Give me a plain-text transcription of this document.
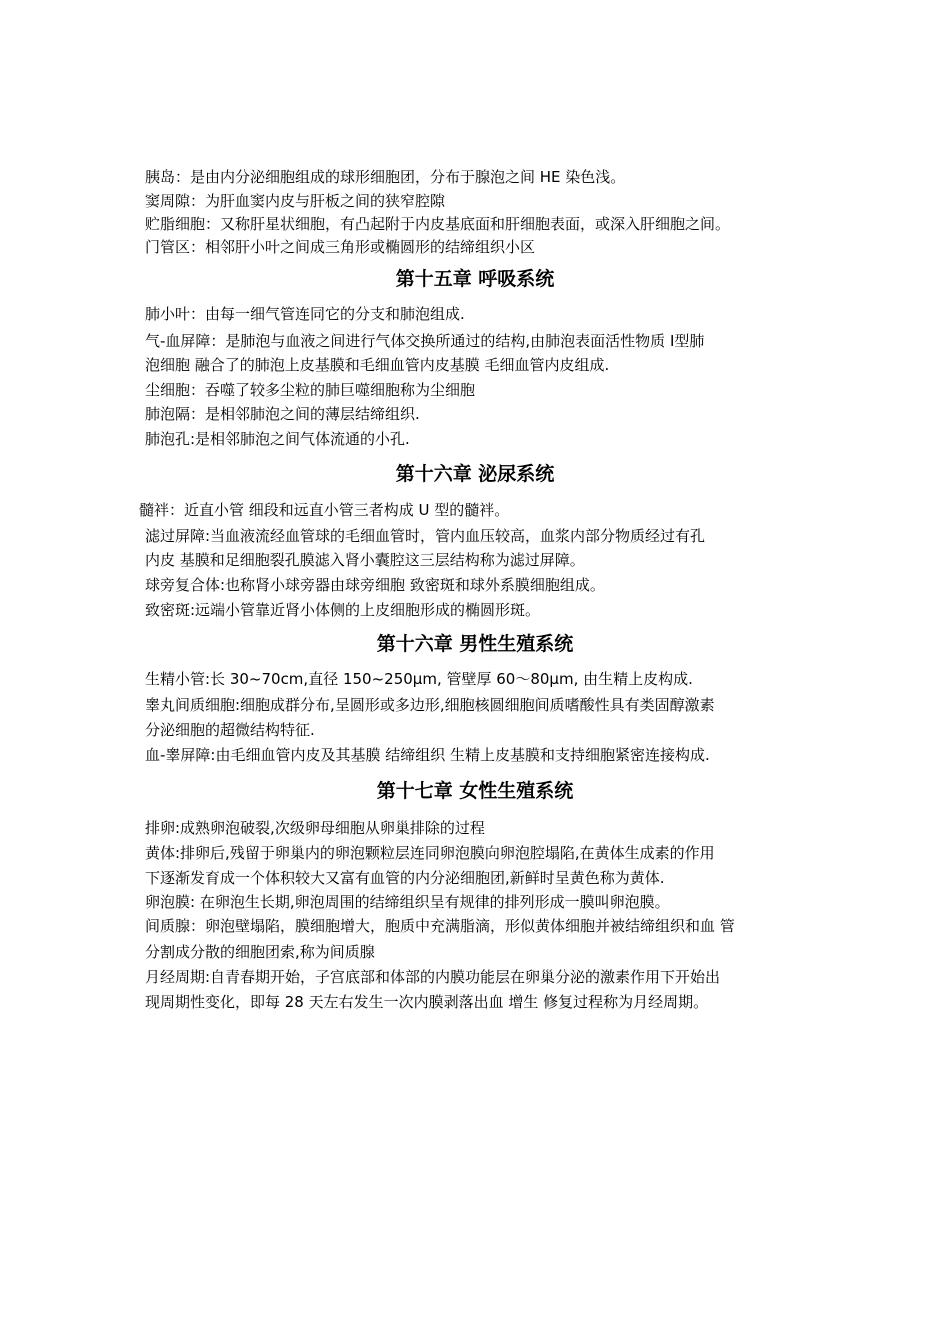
胰岛：是由内分泌细胞组成的球形细胞团，分布于腺泡之间 HE 染色浅。
窦周隙：为肝血窦内皮与肝板之间的狭窄腔隙
贮脂细胞：又称肝星状细胞，有凸起附于内皮基底面和肝细胞表面，或深入肝细胞之间。
门管区：相邻肝小叶之间成三角形或椭圆形的结缔组织小区
第十五章 呼吸系统
肺小叶：由每一细气管连同它的分支和肺泡组成.
气-血屏障：是肺泡与血液之间进行气体交换所通过的结构,由肺泡表面活性物质 Ⅰ型肺
泡细胞 融合了的肺泡上皮基膜和毛细血管内皮基膜 毛细血管内皮组成.
尘细胞：吞噬了较多尘粒的肺巨噬细胞称为尘细胞
肺泡隔：是相邻肺泡之间的薄层结缔组织.
肺泡孔:是相邻肺泡之间气体流通的小孔.
第十六章 泌尿系统
髓袢：近直小管 细段和远直小管三者构成 U 型的髓袢。
滤过屏障:当血液流经血管球的毛细血管时，管内血压较高，血浆内部分物质经过有孔
内皮 基膜和足细胞裂孔膜滤入肾小囊腔这三层结构称为滤过屏障。
球旁复合体:也称肾小球旁器由球旁细胞 致密斑和球外系膜细胞组成。
致密斑:远端小管靠近肾小体侧的上皮细胞形成的椭圆形斑。
第十六章 男性生殖系统
生精小管:长 30~70cm,直径 150~250μm, 管壁厚 60～80μm, 由生精上皮构成.
睾丸间质细胞:细胞成群分布,呈圆形或多边形,细胞核圆细胞间质嗜酸性具有类固醇激素
分泌细胞的超微结构特征.
血-睾屏障:由毛细血管内皮及其基膜 结缔组织 生精上皮基膜和支持细胞紧密连接构成.
第十七章 女性生殖系统
排卵:成熟卵泡破裂,次级卵母细胞从卵巢排除的过程
黄体:排卵后,残留于卵巢内的卵泡颗粒层连同卵泡膜向卵泡腔塌陷,在黄体生成素的作用
下逐渐发育成一个体积较大又富有血管的内分泌细胞团,新鲜时呈黄色称为黄体.
卵泡膜: 在卵泡生长期,卵泡周围的结缔组织呈有规律的排列形成一膜叫卵泡膜。
间质腺：卵泡壁塌陷，膜细胞增大，胞质中充满脂滴，形似黄体细胞并被结缔组织和血 管
分割成分散的细胞团索,称为间质腺
月经周期:自青春期开始，子宫底部和体部的内膜功能层在卵巢分泌的激素作用下开始出
现周期性变化，即每 28 天左右发生一次内膜剥落出血 增生 修复过程称为月经周期。
